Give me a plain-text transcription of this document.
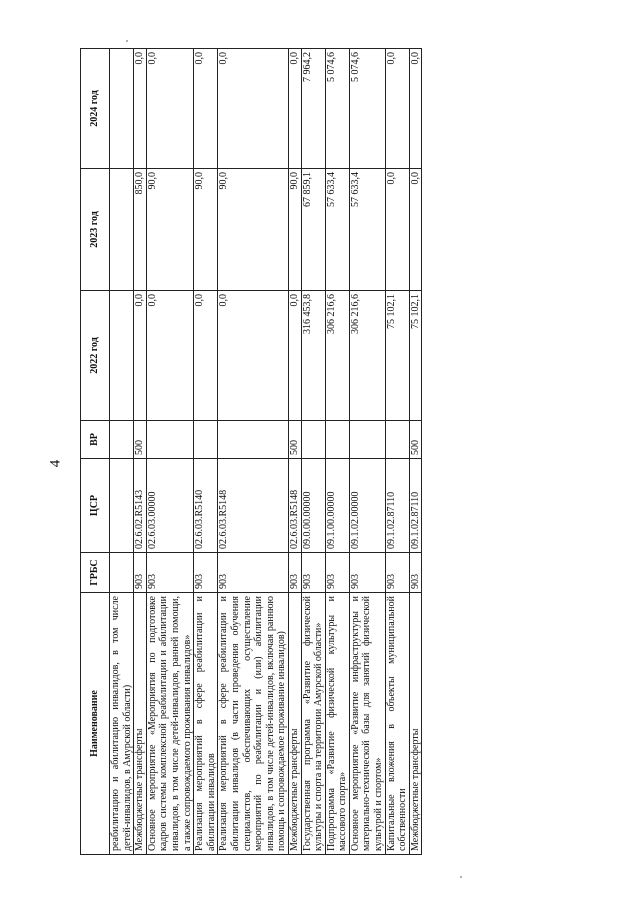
4
Наименование	ГРБС	ЦСР	ВР	2022 год	2023 год	2024 год
реабилитацию и абилитацию инвалидов, в том числе детей-инвалидов, в Амурской области)						
Межбюджетные трансферты	903	02.6.02.R5143	500	0,0	850,0	0,0
Основное мероприятие «Мероприятия по подготовке кадров системы комплексной реабилитации и абилитации инвалидов, в том числе детей-инвалидов, ранней помощи, а также сопровождаемого проживания инвалидов»	903	02.6.03.00000		0,0	90,0	0,0
Реализация мероприятий в сфере реабилитации и абилитации инвалидов	903	02.6.03.R5140		0,0	90,0	0,0
Реализация мероприятий в сфере реабилитации и абилитации инвалидов (в части проведения обучения специалистов, обеспечивающих осуществление мероприятий по реабилитации и (или) абилитации инвалидов, в том числе детей-инвалидов, включая раннюю помощь и сопровождаемое проживание инвалидов)	903	02.6.03.R5148		0,0	90,0	0,0
Межбюджетные трансферты	903	02.6.03.R5148	500	0,0	90,0	0,0
Государственная программа «Развитие физической культуры и спорта на территории Амурской области»	903	09.0.00.00000		316 453,8	67 859,1	7 964,2
Подпрограмма «Развитие физической культуры и массового спорта»	903	09.1.00.00000		306 216,6	57 633,4	5 074,6
Основное мероприятие «Развитие инфраструктуры и материально-технической базы для занятий физической культурой и спортом»	903	09.1.02.00000		306 216,6	57 633,4	5 074,6
Капитальные вложения в объекты муниципальной собственности	903	09.1.02.87110		75 102,1	0,0	0,0
Межбюджетные трансферты	903	09.1.02.87110	500	75 102,1	0,0	0,0
